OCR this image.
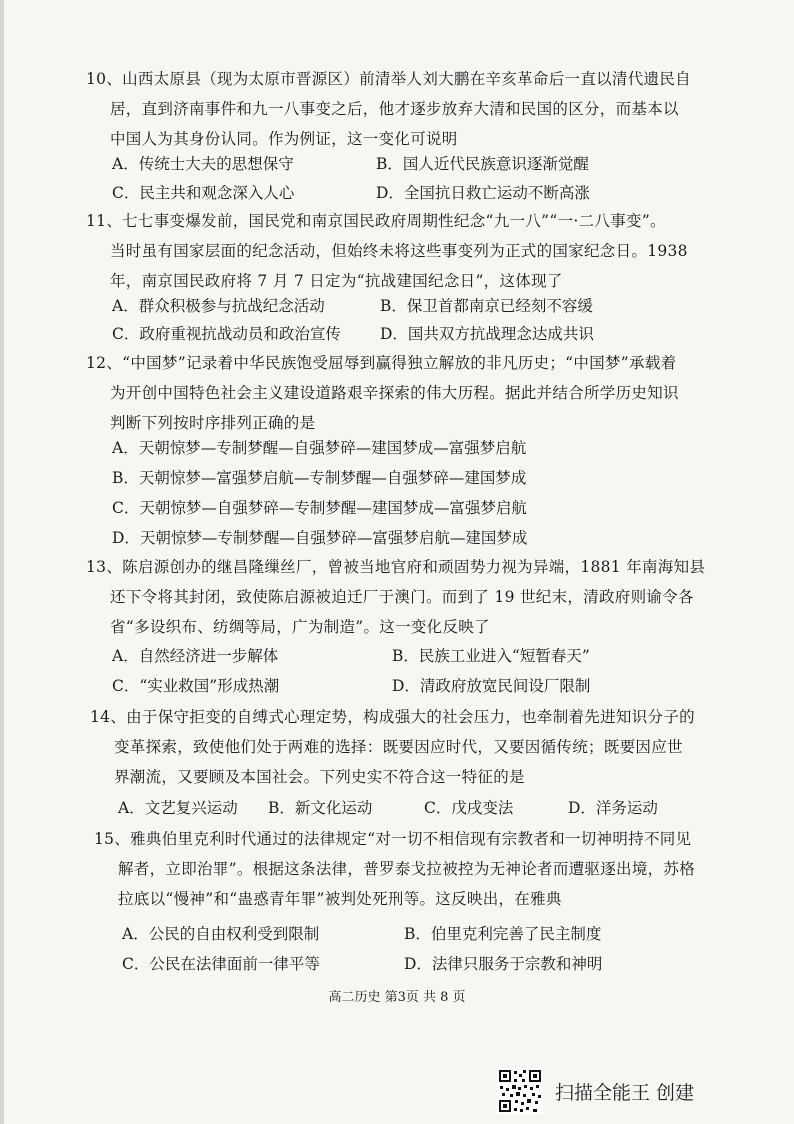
10、山西太原县（现为太原市晋源区）前清举人刘大鹏在辛亥革命后一直以清代遗民自
居，直到济南事件和九一八事变之后，他才逐步放弃大清和民国的区分，而基本以
中国人为其身份认同。作为例证，这一变化可说明
A．传统士大夫的思想保守	B．国人近代民族意识逐渐觉醒
C．民主共和观念深入人心	D．全国抗日救亡运动不断高涨
11、七七事变爆发前，国民党和南京国民政府周期性纪念“九一八”“一·二八事变”。
当时虽有国家层面的纪念活动，但始终未将这些事变列为正式的国家纪念日。1938
年，南京国民政府将 7 月 7 日定为“抗战建国纪念日”，这体现了
A．群众积极参与抗战纪念活动	B．保卫首都南京已经刻不容缓
C．政府重视抗战动员和政治宣传	D．国共双方抗战理念达成共识
12、“中国梦”记录着中华民族饱受屈辱到赢得独立解放的非凡历史；“中国梦”承载着
为开创中国特色社会主义建设道路艰辛探索的伟大历程。据此并结合所学历史知识
判断下列按时序排列正确的是
A．天朝惊梦—专制梦醒—自强梦碎—建国梦成—富强梦启航
B．天朝惊梦—富强梦启航—专制梦醒—自强梦碎—建国梦成
C．天朝惊梦—自强梦碎—专制梦醒—建国梦成—富强梦启航
D．天朝惊梦—专制梦醒—自强梦碎—富强梦启航—建国梦成
13、陈启源创办的继昌隆缫丝厂，曾被当地官府和顽固势力视为异端，1881 年南海知县
还下令将其封闭，致使陈启源被迫迁厂于澳门。而到了 19 世纪末，清政府则谕令各
省“多设织布、纺绸等局，广为制造”。这一变化反映了
A．自然经济进一步解体	B．民族工业进入“短暂春天”
C．“实业救国”形成热潮	D．清政府放宽民间设厂限制
14、由于保守拒变的自缚式心理定势，构成强大的社会压力，也牵制着先进知识分子的
变革探索，致使他们处于两难的选择：既要因应时代，又要因循传统；既要因应世
界潮流，又要顾及本国社会。下列史实不符合这一特征的是
A．文艺复兴运动 B．新文化运动	C．戊戌变法	D．洋务运动
15、雅典伯里克利时代通过的法律规定“对一切不相信现有宗教者和一切神明持不同见
解者，立即治罪”。根据这条法律，普罗泰戈拉被控为无神论者而遭驱逐出境，苏格
拉底以“慢神”和“蛊惑青年罪”被判处死刑等。这反映出，在雅典
A．公民的自由权利受到限制	B．伯里克利完善了民主制度
C．公民在法律面前一律平等	D．法律只服务于宗教和神明
高二历史 第3页 共 8 页
扫描全能王 创建
